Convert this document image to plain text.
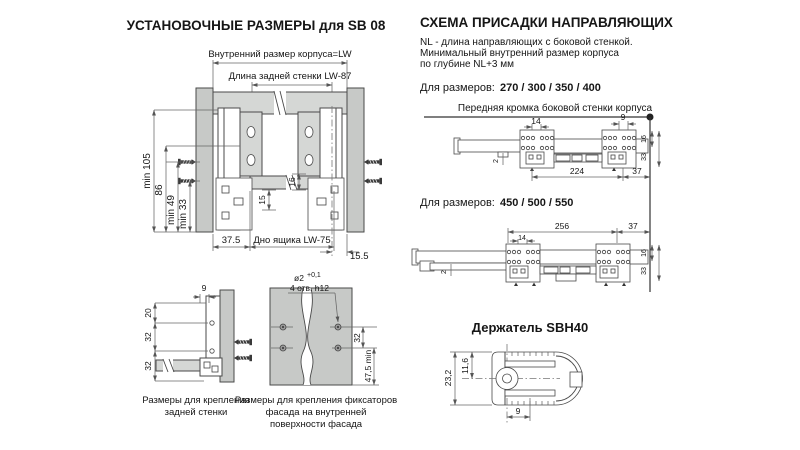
УСТАНОВОЧНЫЕ РАЗМЕРЫ для SB 08
Внутренний размер корпуса=LW
Длина задней стенки LW-87
min 105
86
min 49 min 33
16
15
37.5 Дно ящика LW-75
15.5
20
32
32
9
Размеры для крепления
задней стенки
ø2 +0,1
4 отв. h12
32
47,5 min
Размеры для крепления фиксаторов
фасада на внутренней
поверхности фасада
СХЕМА ПРИСАДКИ НАПРАВЛЯЮЩИХ
NL - длина направляющих с боковой стенкой.
Минимальный внутренний размер корпуса
по глубине NL+3 мм
Для размеров: 270 / 300 / 350 / 400
Передняя кромка боковой стенки корпуса
14	9
224	37
16
33
2
Для размеров: 450 / 500 / 550
256	37
14
16
33
2
Держатель SBH40
23,2
11,6
9
